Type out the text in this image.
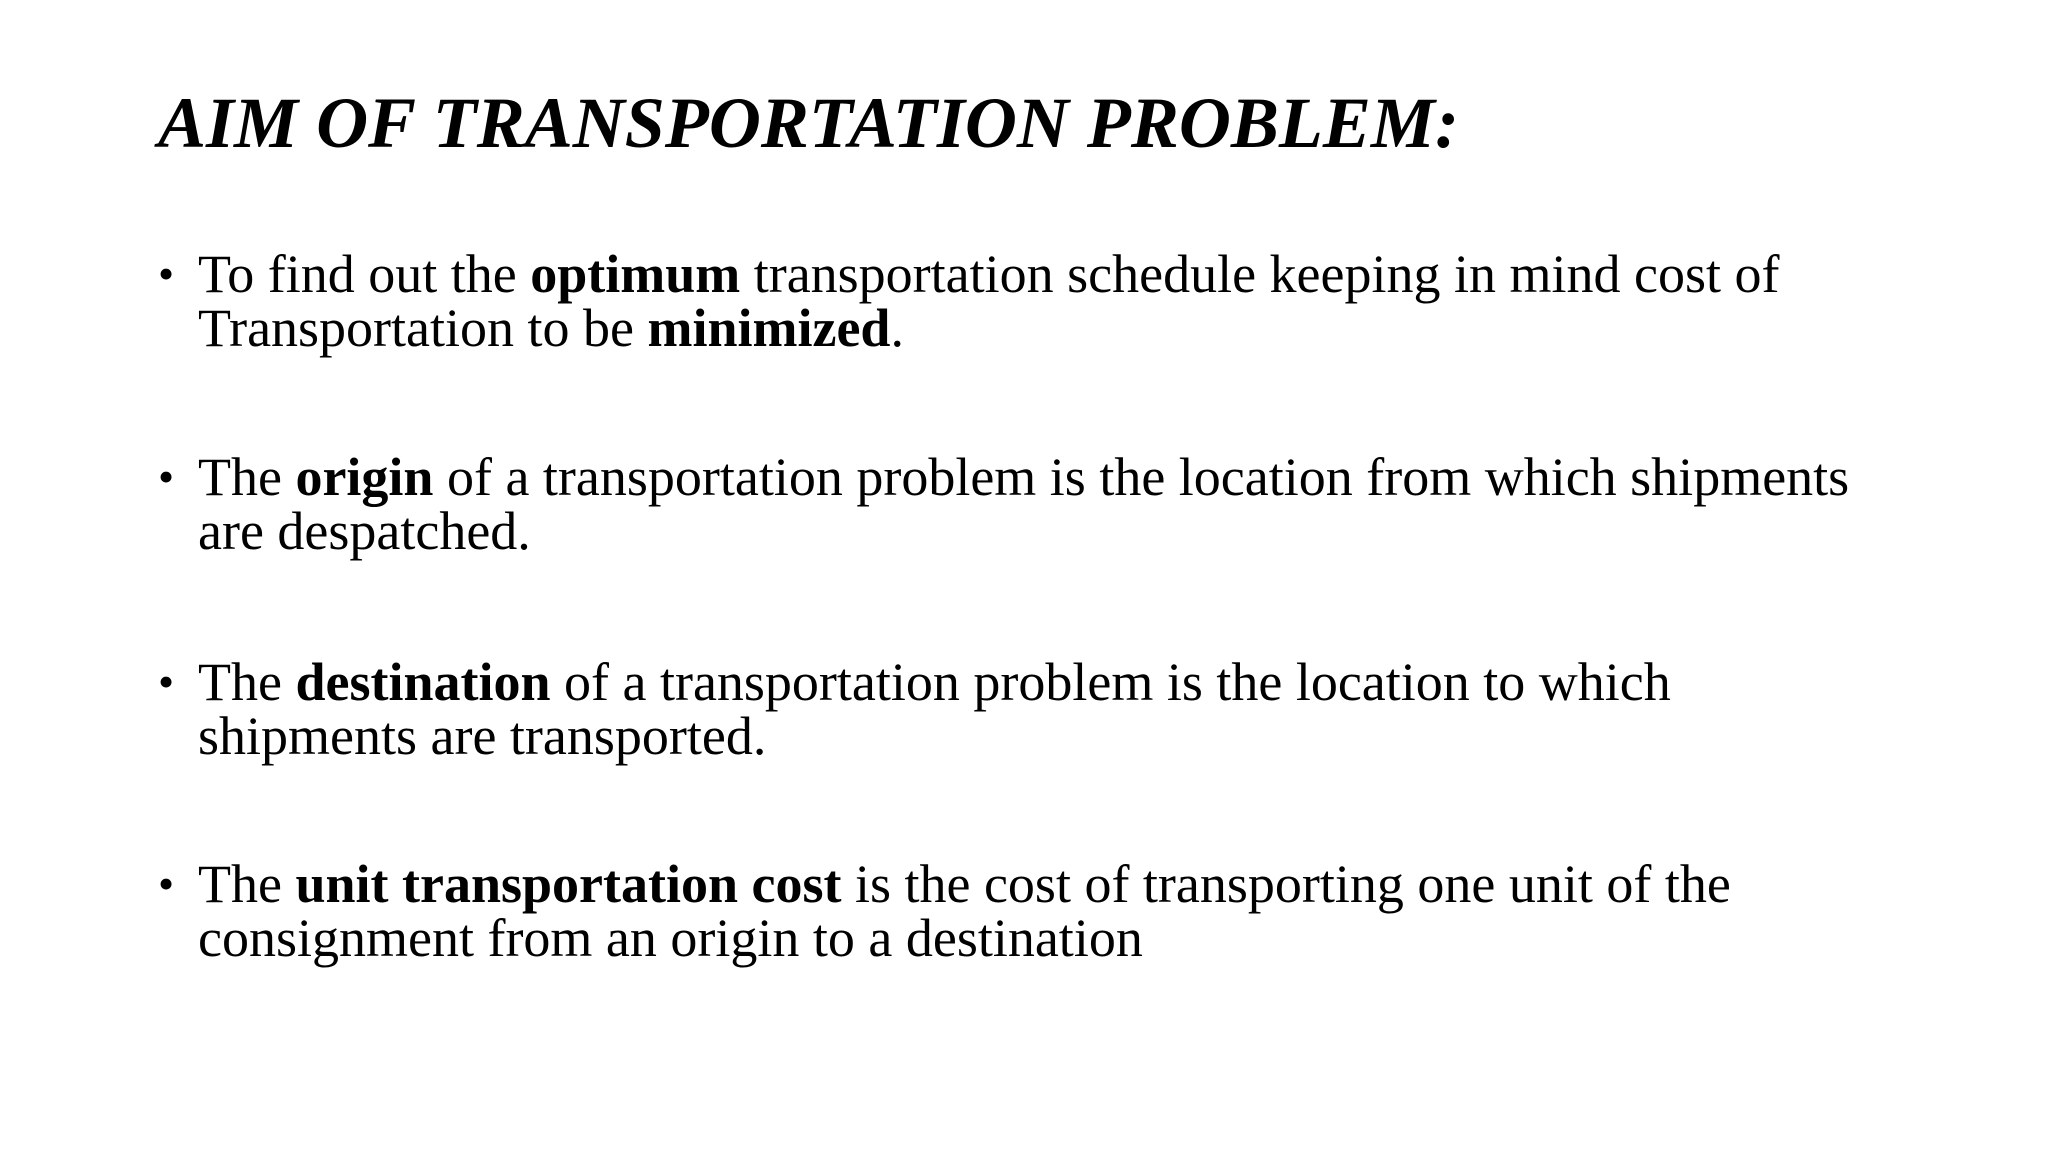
AIM OF TRANSPORTATION PROBLEM:
• To find out the optimum transportation schedule keeping in mind cost of
Transportation to be minimized.
• The origin of a transportation problem is the location from which shipments
are despatched.
• The destination of a transportation problem is the location to which
shipments are transported.
• The unit transportation cost is the cost of transporting one unit of the
consignment from an origin to a destination
